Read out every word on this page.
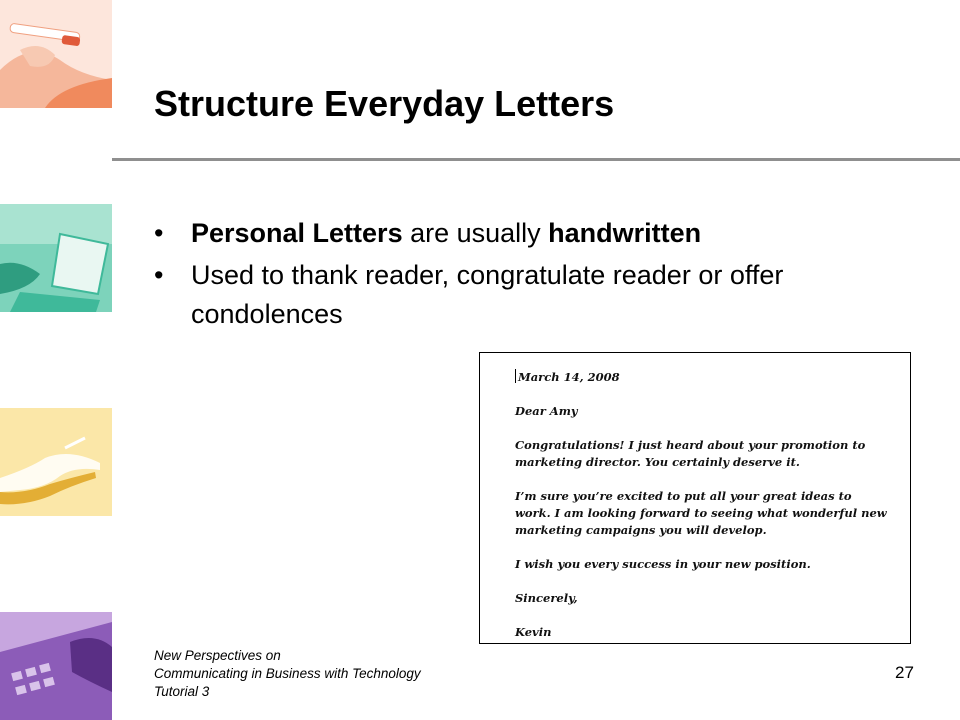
Structure Everyday Letters
• Personal Letters are usually handwritten
• Used to thank reader, congratulate reader or offer condolences

March 14, 2008

Dear Amy

Congratulations! I just heard about your promotion to marketing director. You certainly deserve it.

I’m sure you’re excited to put all your great ideas to work. I am looking forward to seeing what wonderful new marketing campaigns you will develop.

I wish you every success in your new position.

Sincerely,

Kevin

New Perspectives on
Communicating in Business with Technology
Tutorial 3
27
